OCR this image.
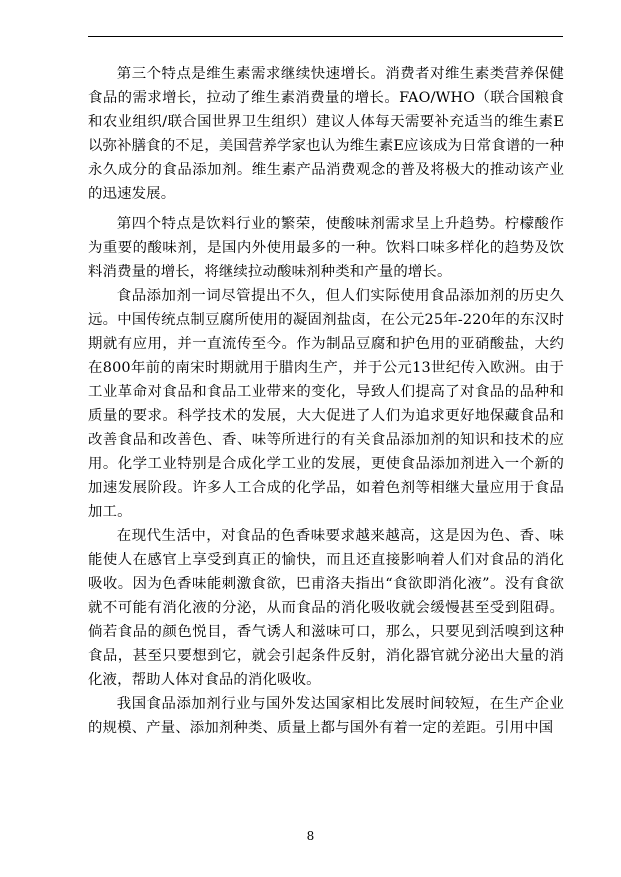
第三个特点是维生素需求继续快速增长。消费者对维生素类营养保健食品的需求增长，拉动了维生素消费量的增长。FAO/WHO（联合国粮食和农业组织/联合国世界卫生组织）建议人体每天需要补充适当的维生素E以弥补膳食的不足，美国营养学家也认为维生素E应该成为日常食谱的一种永久成分的食品添加剂。维生素产品消费观念的普及将极大的推动该产业的迅速发展。

第四个特点是饮料行业的繁荣，使酸味剂需求呈上升趋势。柠檬酸作为重要的酸味剂，是国内外使用最多的一种。饮料口味多样化的趋势及饮料消费量的增长，将继续拉动酸味剂种类和产量的增长。

食品添加剂一词尽管提出不久，但人们实际使用食品添加剂的历史久远。中国传统点制豆腐所使用的凝固剂盐卤，在公元25年-220年的东汉时期就有应用，并一直流传至今。作为制品豆腐和护色用的亚硝酸盐，大约在800年前的南宋时期就用于腊肉生产，并于公元13世纪传入欧洲。由于工业革命对食品和食品工业带来的变化，导致人们提高了对食品的品种和质量的要求。科学技术的发展，大大促进了人们为追求更好地保藏食品和改善食品和改善色、香、味等所进行的有关食品添加剂的知识和技术的应用。化学工业特别是合成化学工业的发展，更使食品添加剂进入一个新的加速发展阶段。许多人工合成的化学品，如着色剂等相继大量应用于食品加工。

在现代生活中，对食品的色香味要求越来越高，这是因为色、香、味能使人在感官上享受到真正的愉快，而且还直接影响着人们对食品的消化吸收。因为色香味能刺激食欲，巴甫洛夫指出“食欲即消化液”。没有食欲就不可能有消化液的分泌，从而食品的消化吸收就会缓慢甚至受到阻碍。倘若食品的颜色悦目，香气诱人和滋味可口，那么，只要见到活嗅到这种食品，甚至只要想到它，就会引起条件反射，消化器官就分泌出大量的消化液，帮助人体对食品的消化吸收。

我国食品添加剂行业与国外发达国家相比发展时间较短，在生产企业的规模、产量、添加剂种类、质量上都与国外有着一定的差距。引用中国

8
